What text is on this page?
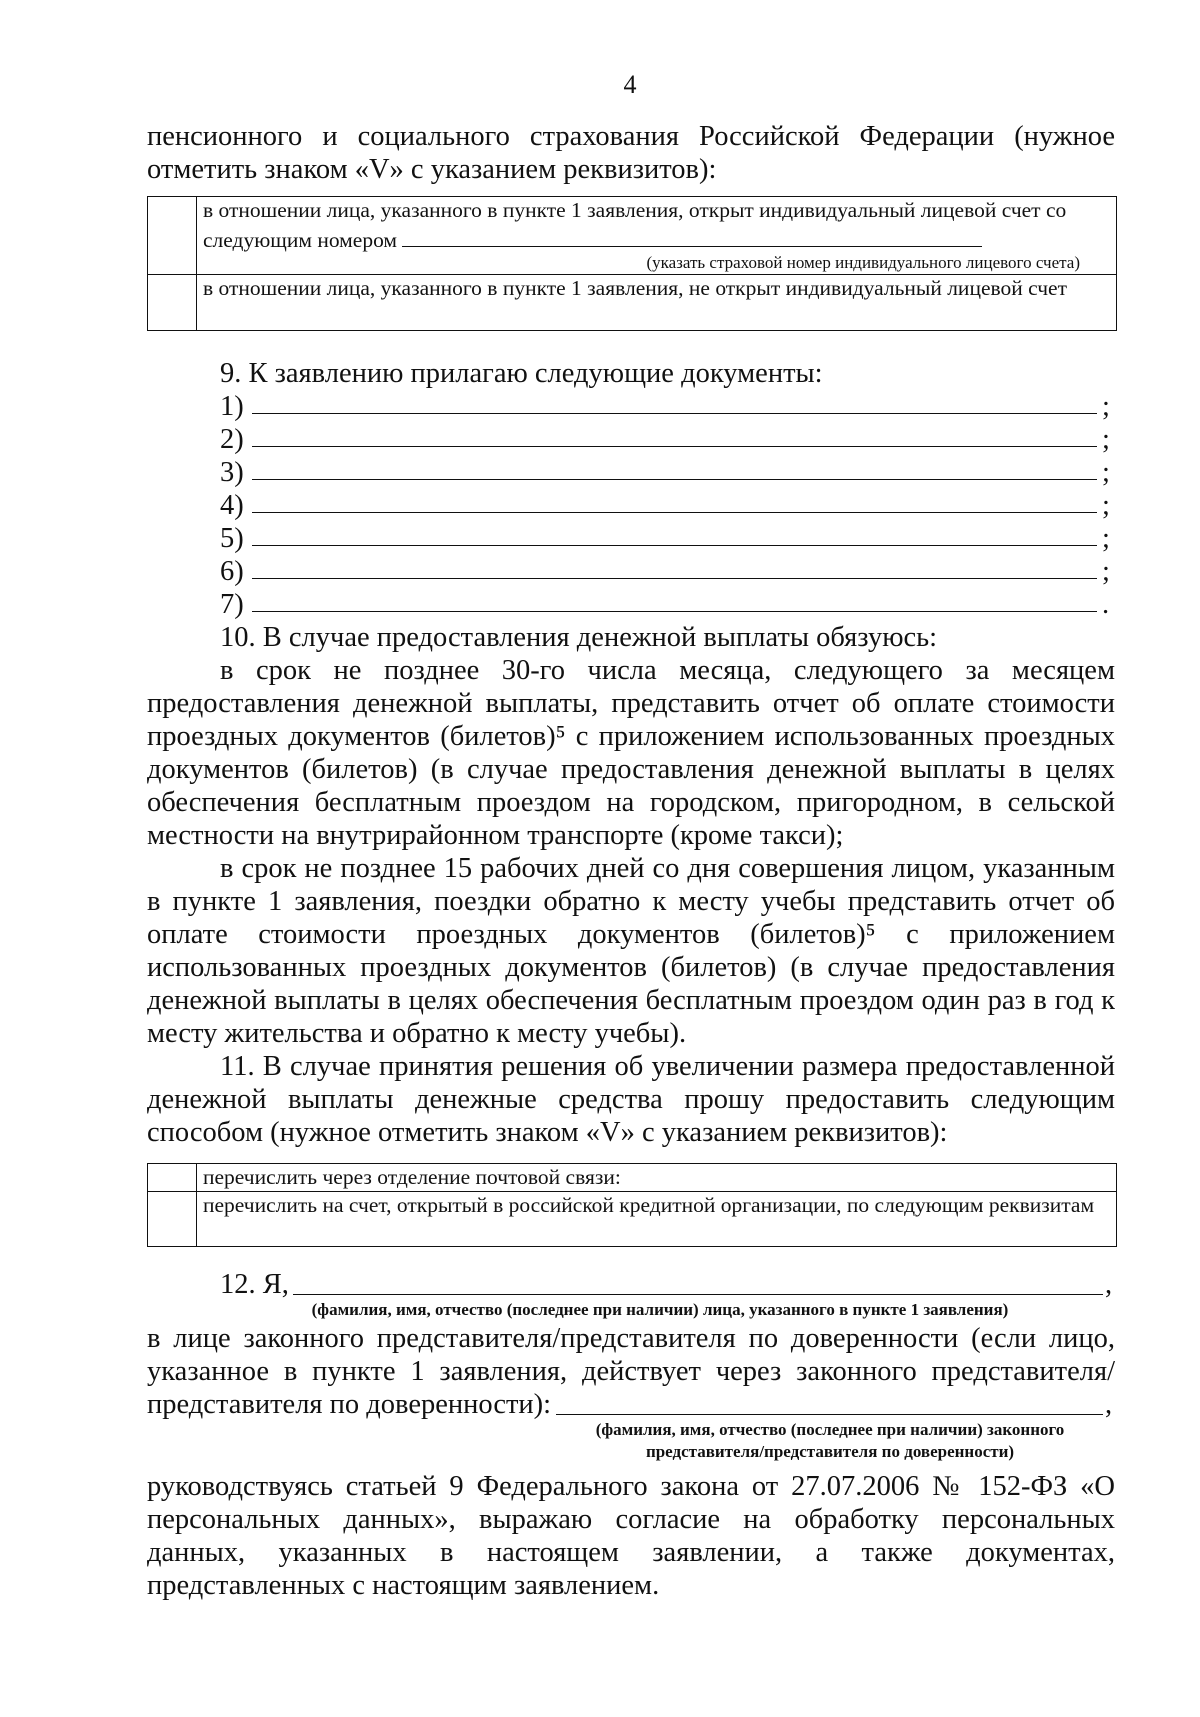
4

пенсионного и социального страхования Российской Федерации (нужное отметить знаком «V» с указанием реквизитов):

	в отношении лица, указанного в пункте 1 заявления, открыт индивидуальный лицевой счет со следующим номером
(указать страховой номер индивидуального лицевого счета)

	в отношении лица, указанного в пункте 1 заявления, не открыт индивидуальный лицевой счет
9. К заявлению прилагаю следующие документы:
1)	;
2)	;
3)	;
4)	;
5)	;
6)	;
7)	.
10. В случае предоставления денежной выплаты обязуюсь:

в срок не позднее 30-го числа месяца, следующего за месяцем предоставления денежной выплаты, представить отчет об оплате стоимости проездных документов (билетов)⁵ с приложением использованных проездных документов (билетов) (в случае предоставления денежной выплаты в целях обеспечения бесплатным проездом на городском, пригородном, в сельской местности на внутрирайонном транспорте (кроме такси);

в срок не позднее 15 рабочих дней со дня совершения лицом, указанным в пункте 1 заявления, поездки обратно к месту учебы представить отчет об оплате стоимости проездных документов (билетов)⁵ с приложением использованных проездных документов (билетов) (в случае предоставления денежной выплаты в целях обеспечения бесплатным проездом один раз в год к месту жительства и обратно к месту учебы).

11. В случае принятия решения об увеличении размера предоставленной денежной выплаты денежные средства прошу предоставить следующим способом (нужное отметить знаком «V» с указанием реквизитов):

	перечислить через отделение почтовой связи:
	перечислить на счет, открытый в российской кредитной организации, по следующим реквизитам
12. Я,	,
(фамилия, имя, отчество (последнее при наличии) лица, указанного в пункте 1 заявления)

в лице законного представителя/представителя по доверенности (если лицо, указанное в пункте 1 заявления, действует через законного представителя/

представителя по доверенности):	,
(фамилия, имя, отчество (последнее при наличии) законного
представителя/представителя по доверенности)

руководствуясь статьей 9 Федерального закона от 27.07.2006 № 152-ФЗ «О персональных данных», выражаю согласие на обработку персональных данных, указанных в настоящем заявлении, а также документах, представленных с настоящим заявлением.
